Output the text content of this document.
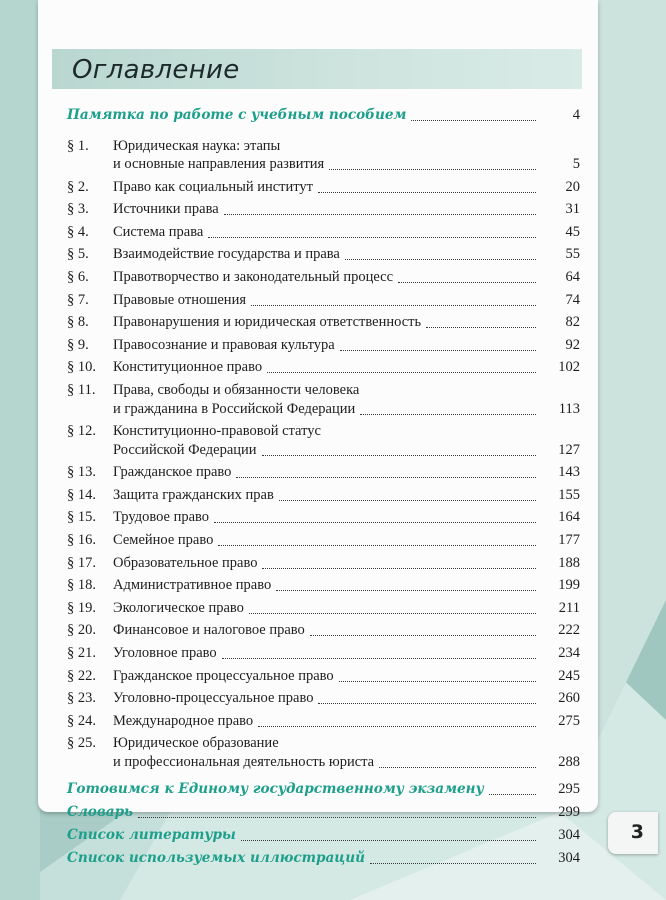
Оглавление
Памятка по работе с учебным пособием	4
§ 1. Юридическая наука: этапы
и основные направления развития	5
§ 2. Право как социальный институт	20
§ 3. Источники права	31
§ 4. Система права	45
§ 5. Взаимодействие государства и права	55
§ 6. Правотворчество и законодательный процесс	64
§ 7. Правовые отношения	74
§ 8. Правонарушения и юридическая ответственность	82
§ 9. Правосознание и правовая культура	92
§ 10. Конституционное право	102
§ 11. Права, свободы и обязанности человека
и гражданина в Российской Федерации	113
§ 12. Конституционно-правовой статус
Российской Федерации	127
§ 13. Гражданское право	143
§ 14. Защита гражданских прав	155
§ 15. Трудовое право	164
§ 16. Семейное право	177
§ 17. Образовательное право	188
§ 18. Административное право	199
§ 19. Экологическое право	211
§ 20. Финансовое и налоговое право	222
§ 21. Уголовное право	234
§ 22. Гражданское процессуальное право	245
§ 23. Уголовно-процессуальное право	260
§ 24. Международное право	275
§ 25. Юридическое образование
и профессиональная деятельность юриста	288
Готовимся к Единому государственному экзамену	295
Словарь	299
Список литературы	304
Список используемых иллюстраций	304
3
